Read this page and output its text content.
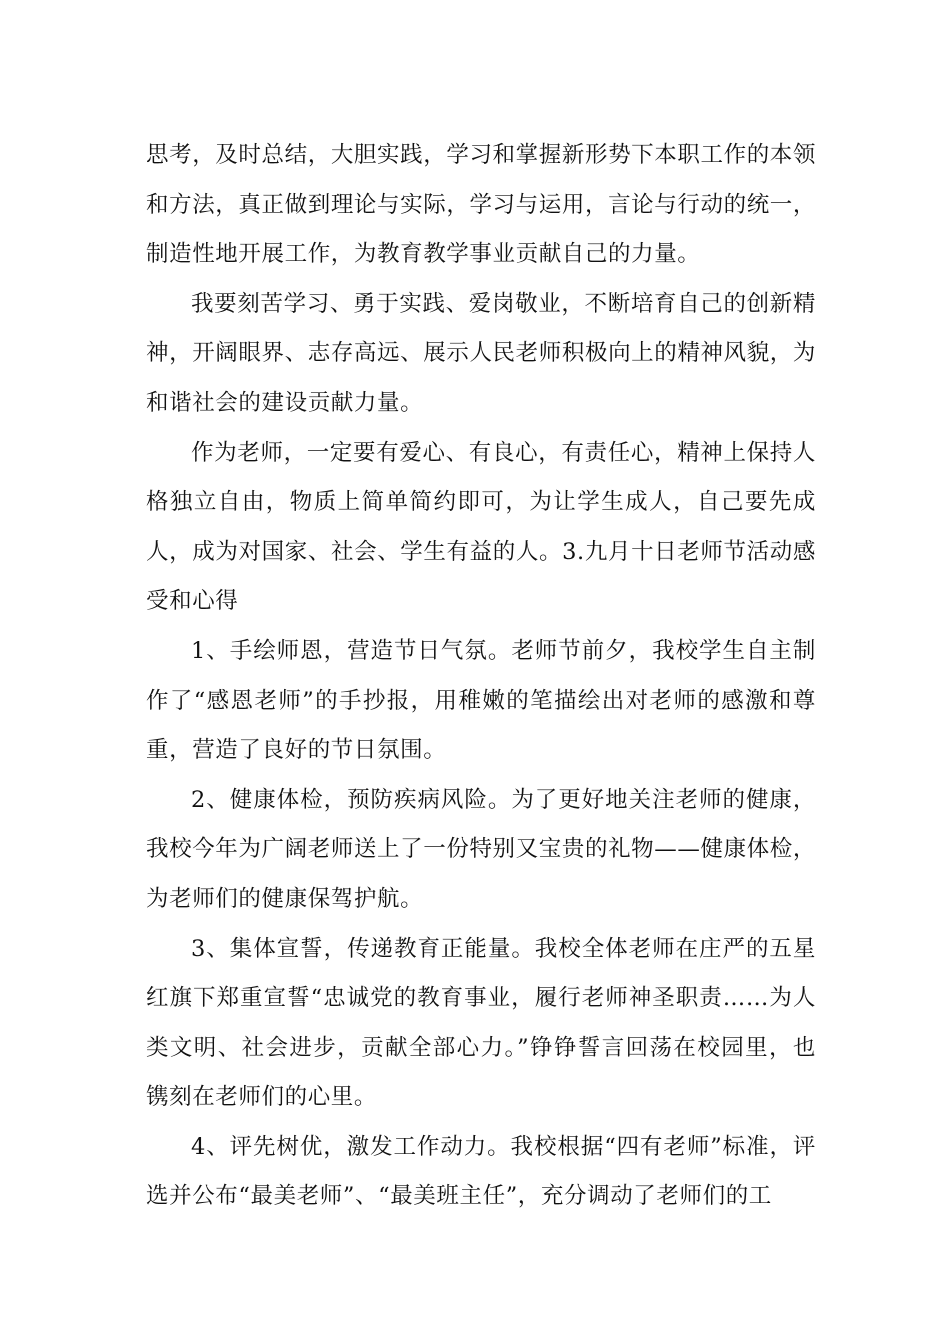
思考，及时总结，大胆实践，学习和掌握新形势下本职工作的本领和方法，真正做到理论与实际，学习与运用，言论与行动的统一，制造性地开展工作，为教育教学事业贡献自己的力量。

我要刻苦学习、勇于实践、爱岗敬业，不断培育自己的创新精神，开阔眼界、志存高远、展示人民老师积极向上的精神风貌，为和谐社会的建设贡献力量。

作为老师，一定要有爱心、有良心，有责任心，精神上保持人格独立自由，物质上简单简约即可，为让学生成人，自己要先成人，成为对国家、社会、学生有益的人。3.九月十日老师节活动感受和心得

1、手绘师恩，营造节日气氛。老师节前夕，我校学生自主制作了“感恩老师”的手抄报，用稚嫩的笔描绘出对老师的感激和尊重，营造了良好的节日氛围。

2、健康体检，预防疾病风险。为了更好地关注老师的健康，我校今年为广阔老师送上了一份特别又宝贵的礼物——健康体检，为老师们的健康保驾护航。

3、集体宣誓，传递教育正能量。我校全体老师在庄严的五星红旗下郑重宣誓“忠诚党的教育事业，履行老师神圣职责……为人类文明、社会进步，贡献全部心力。”铮铮誓言回荡在校园里，也镌刻在老师们的心里。

4、评先树优，激发工作动力。我校根据“四有老师”标准，评选并公布“最美老师”、“最美班主任”，充分调动了老师们的工
